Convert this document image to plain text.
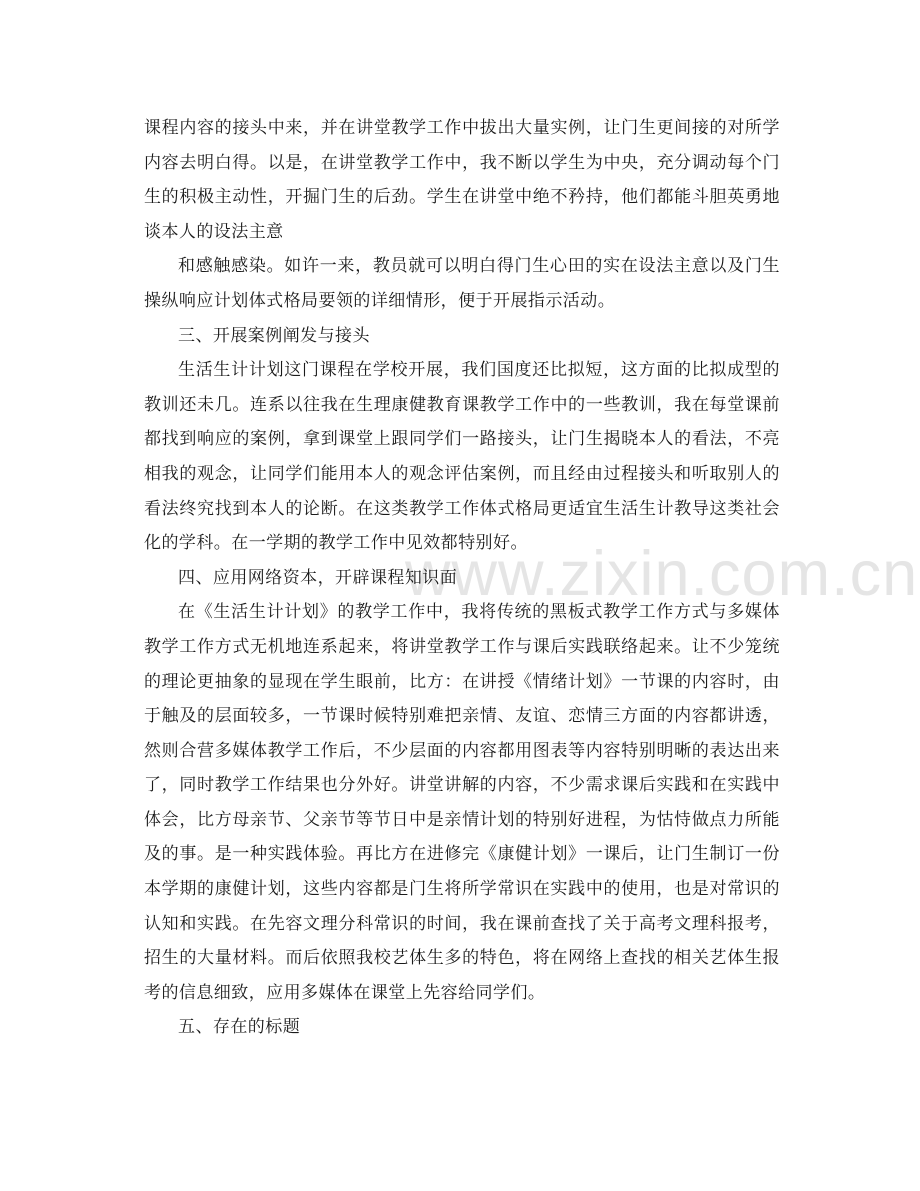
www.zixin.com.cn

课程内容的接头中来，并在讲堂教学工作中拔出大量实例，让门生更间接的对所学内容去明白得。以是，在讲堂教学工作中，我不断以学生为中央，充分调动每个门生的积极主动性，开掘门生的后劲。学生在讲堂中绝不矜持，他们都能斗胆英勇地谈本人的设法主意

和感触感染。如许一来，教员就可以明白得门生心田的实在设法主意以及门生操纵响应计划体式格局要领的详细情形，便于开展指示活动。

三、开展案例阐发与接头

生活生计计划这门课程在学校开展，我们国度还比拟短，这方面的比拟成型的教训还未几。连系以往我在生理康健教育课教学工作中的一些教训，我在每堂课前都找到响应的案例，拿到课堂上跟同学们一路接头，让门生揭晓本人的看法，不亮相我的观念，让同学们能用本人的观念评估案例，而且经由过程接头和听取别人的看法终究找到本人的论断。在这类教学工作体式格局更适宜生活生计教导这类社会化的学科。在一学期的教学工作中见效都特别好。

四、应用网络资本，开辟课程知识面

在《生活生计计划》的教学工作中，我将传统的黑板式教学工作方式与多媒体教学工作方式无机地连系起来，将讲堂教学工作与课后实践联络起来。让不少笼统的理论更抽象的显现在学生眼前，比方：在讲授《情绪计划》一节课的内容时，由于触及的层面较多，一节课时候特别难把亲情、友谊、恋情三方面的内容都讲透，然则合营多媒体教学工作后，不少层面的内容都用图表等内容特别明晰的表达出来了，同时教学工作结果也分外好。讲堂讲解的内容，不少需求课后实践和在实践中体会，比方母亲节、父亲节等节日中是亲情计划的特别好进程，为怙恃做点力所能及的事。是一种实践体验。再比方在进修完《康健计划》一课后，让门生制订一份本学期的康健计划，这些内容都是门生将所学常识在实践中的使用，也是对常识的认知和实践。在先容文理分科常识的时间，我在课前查找了关于高考文理科报考，招生的大量材料。而后依照我校艺体生多的特色，将在网络上查找的相关艺体生报考的信息细致，应用多媒体在课堂上先容给同学们。

五、存在的标题
